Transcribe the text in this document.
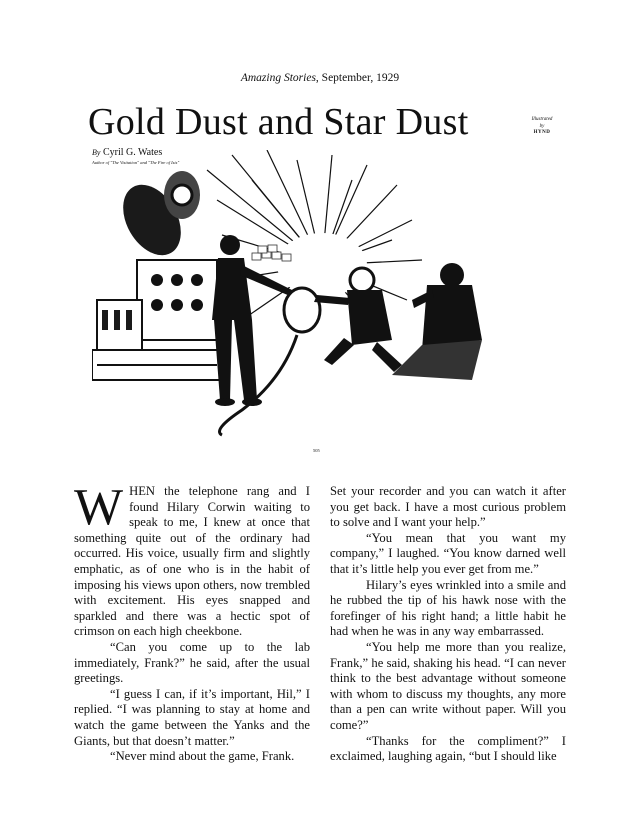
Amazing Stories, September, 1929
Gold Dust and Star Dust	Illustrated
by
HYND
By Cyril G. Wates
Author of "The Visitation" and "The Fire of Isis"
505

WHEN the telephone rang and I found Hilary Corwin waiting to speak to me, I knew at once that something quite out of the ordinary had occurred. His voice, usually firm and slightly emphatic, as of one who is in the habit of imposing his views upon others, now trembled with excitement. His eyes snapped and sparkled and there was a hectic spot of crimson on each high cheekbone.

“Can you come up to the lab immediately, Frank?” he said, after the usual greetings.

“I guess I can, if it’s important, Hil,” I replied. “I was planning to stay at home and watch the game between the Yanks and the Giants, but that doesn’t matter.”

“Never mind about the game, Frank.

Set your recorder and you can watch it after you get back. I have a most curious problem to solve and I want your help.”

“You mean that you want my company,” I laughed. “You know darned well that it’s little help you ever get from me.”

Hilary’s eyes wrinkled into a smile and he rubbed the tip of his hawk nose with the forefinger of his right hand; a little habit he had when he was in any way embarrassed.

“You help me more than you realize, Frank,” he said, shaking his head. “I can never think to the best advantage without someone with whom to discuss my thoughts, any more than a pen can write without paper. Will you come?”

“Thanks for the compliment?” I exclaimed, laughing again, “but I should like
